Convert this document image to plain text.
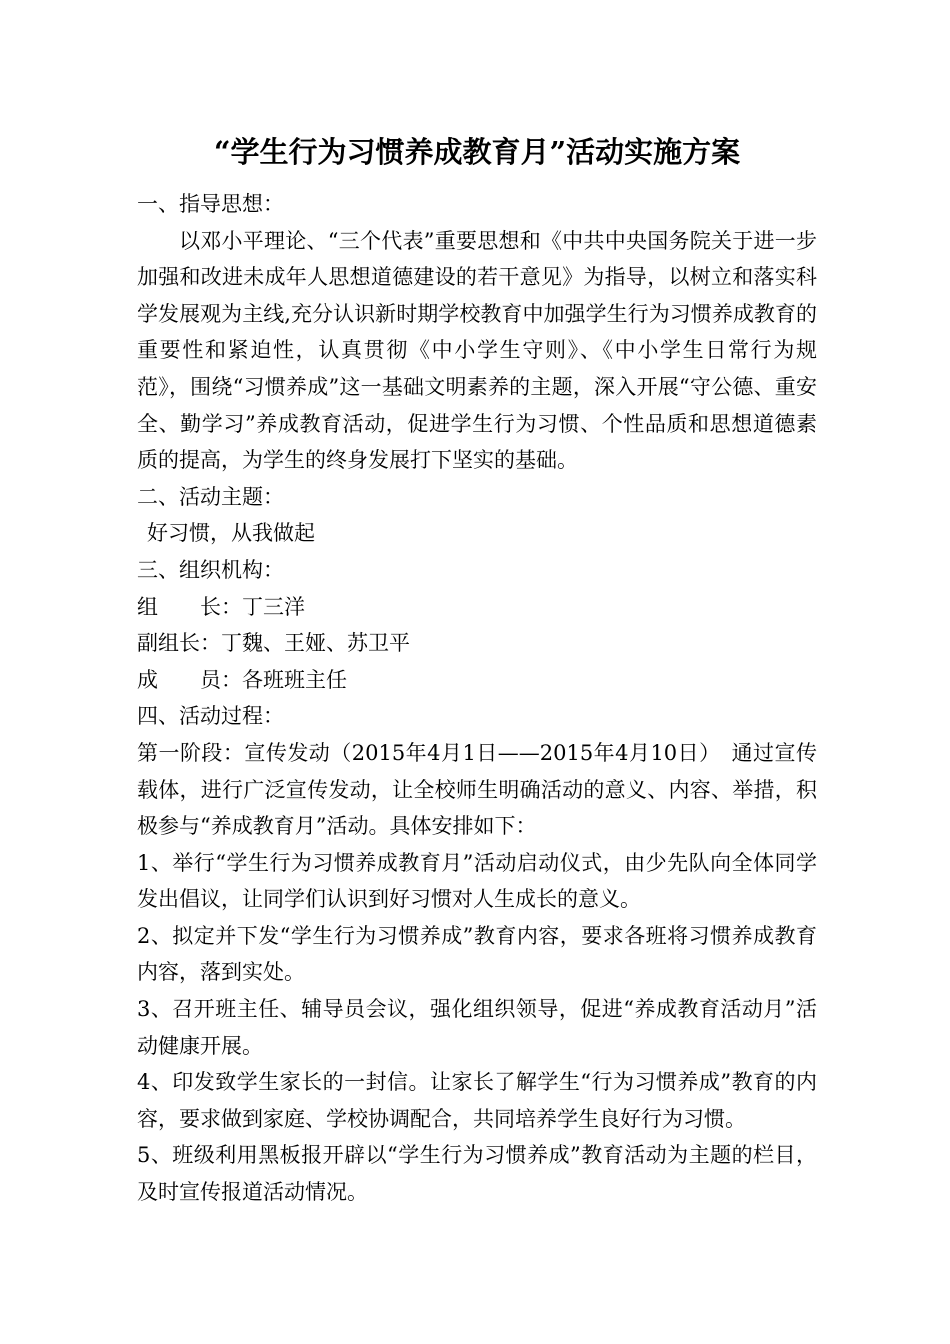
“学生行为习惯养成教育月”活动实施方案

一、指导思想：

以邓小平理论、“三个代表”重要思想和《中共中央国务院关于进一步加强和改进未成年人思想道德建设的若干意见》为指导，以树立和落实科学发展观为主线,充分认识新时期学校教育中加强学生行为习惯养成教育的重要性和紧迫性，认真贯彻《中小学生守则》、《中小学生日常行为规范》，围绕“习惯养成”这一基础文明素养的主题，深入开展“守公德、重安全、勤学习”养成教育活动，促进学生行为习惯、个性品质和思想道德素质的提高，为学生的终身发展打下坚实的基础。

二、活动主题：

好习惯，从我做起

三、组织机构：

组　　长：丁三洋

副组长：丁魏、王娅、苏卫平

成　　员：各班班主任

四、活动过程：

第一阶段：宣传发动（2015年4月1日——2015年4月10日）　通过宣传载体，进行广泛宣传发动，让全校师生明确活动的意义、内容、举措，积极参与“养成教育月”活动。具体安排如下：

1、举行“学生行为习惯养成教育月”活动启动仪式，由少先队向全体同学发出倡议，让同学们认识到好习惯对人生成长的意义。

2、拟定并下发“学生行为习惯养成”教育内容，要求各班将习惯养成教育内容，落到实处。

3、召开班主任、辅导员会议，强化组织领导，促进“养成教育活动月”活动健康开展。

4、印发致学生家长的一封信。让家长了解学生“行为习惯养成”教育的内容，要求做到家庭、学校协调配合，共同培养学生良好行为习惯。

5、班级利用黑板报开辟以“学生行为习惯养成”教育活动为主题的栏目，及时宣传报道活动情况。
